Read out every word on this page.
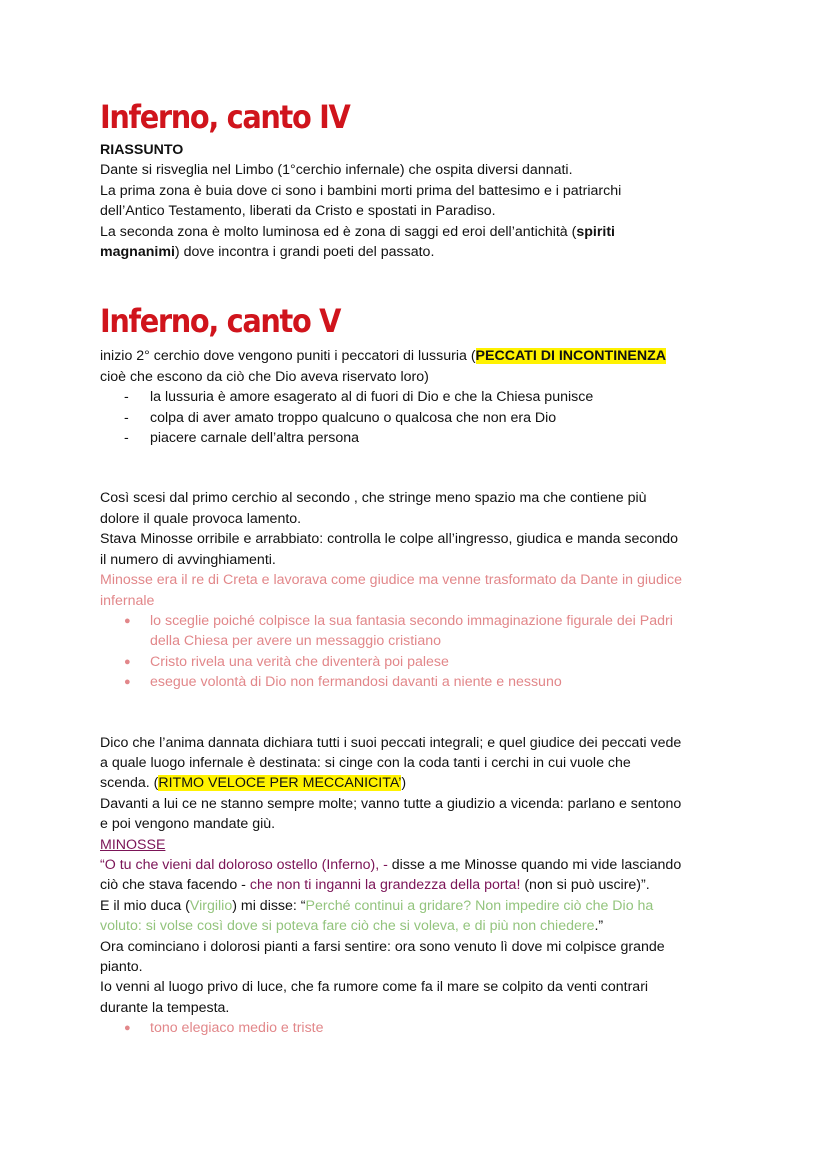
Inferno, canto IV

RIASSUNTO

Dante si risveglia nel Limbo (1°cerchio infernale) che ospita diversi dannati.

La prima zona è buia dove ci sono i bambini morti prima del battesimo e i patriarchi

dell’Antico Testamento, liberati da Cristo e spostati in Paradiso.

La seconda zona è molto luminosa ed è zona di saggi ed eroi dell’antichità (spiriti

magnanimi) dove incontra i grandi poeti del passato.

Inferno, canto V

inizio 2° cerchio dove vengono puniti i peccatori di lussuria (PECCATI DI INCONTINENZA

cioè che escono da ciò che Dio aveva riservato loro)

- la lussuria è amore esagerato al di fuori di Dio e che la Chiesa punisce
- colpa di aver amato troppo qualcuno o qualcosa che non era Dio
- piacere carnale dell’altra persona

Così scesi dal primo cerchio al secondo , che stringe meno spazio ma che contiene più

dolore il quale provoca lamento.

Stava Minosse orribile e arrabbiato: controlla le colpe all’ingresso, giudica e manda secondo

il numero di avvinghiamenti.

Minosse era il re di Creta e lavorava come giudice ma venne trasformato da Dante in giudice

infernale

● lo sceglie poiché colpisce la sua fantasia secondo immaginazione figurale dei Padri
della Chiesa per avere un messaggio cristiano
● Cristo rivela una verità che diventerà poi palese
● esegue volontà di Dio non fermandosi davanti a niente e nessuno

Dico che l’anima dannata dichiara tutti i suoi peccati integrali; e quel giudice dei peccati vede

a quale luogo infernale è destinata: si cinge con la coda tanti i cerchi in cui vuole che

scenda. (RITMO VELOCE PER MECCANICITA’)

Davanti a lui ce ne stanno sempre molte; vanno tutte a giudizio a vicenda: parlano e sentono

e poi vengono mandate giù.

MINOSSE

“O tu che vieni dal doloroso ostello (Inferno), - disse a me Minosse quando mi vide lasciando

ciò che stava facendo - che non ti inganni la grandezza della porta! (non si può uscire)”.

E il mio duca (Virgilio) mi disse: “Perché continui a gridare? Non impedire ciò che Dio ha

voluto: si volse così dove si poteva fare ciò che si voleva, e di più non chiedere.”

Ora cominciano i dolorosi pianti a farsi sentire: ora sono venuto lì dove mi colpisce grande

pianto.

Io venni al luogo privo di luce, che fa rumore come fa il mare se colpito da venti contrari

durante la tempesta.

● tono elegiaco medio e triste
